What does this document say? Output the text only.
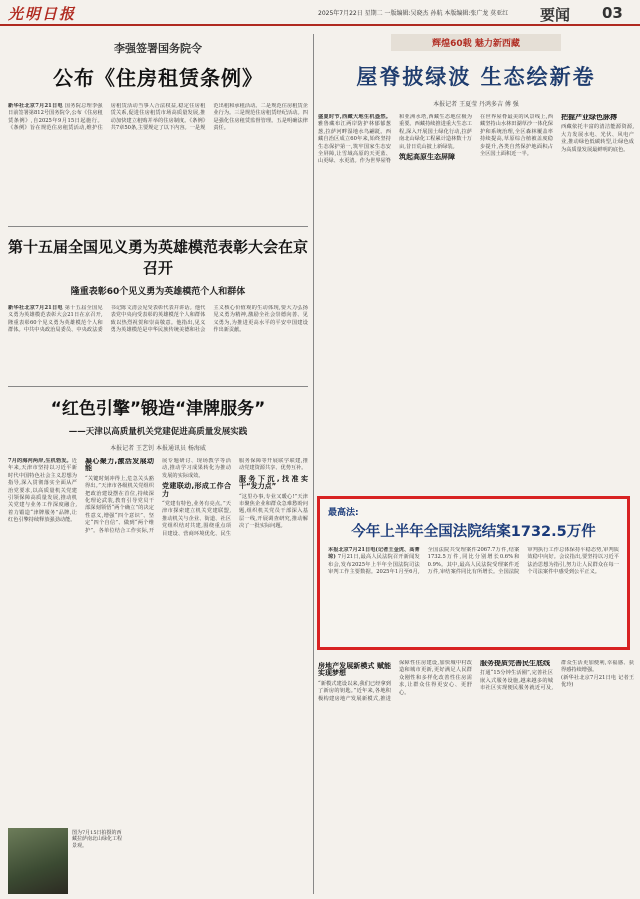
光明日报	2025年7月22日 星期二 一版编辑:吴晓杰 孙航 本版编辑:张广龙 莫亚红 要闻 03
李强签署国务院令
公布《住房租赁条例》
新华社北京7月21日电 国务院总理李强日前签署第812号国务院令,公布《住房租赁条例》,自2025年9月15日起施行。《条例》旨在规范住房租赁活动,维护住房租赁活动当事人合法权益,稳定住房租赁关系,促进住房租赁市场高质量发展,推动加快建立租购并举的住房制度。《条例》共7章50条,主要规定了以下内容。一是规范出租和承租活动。二是规范住房租赁企业行为。三是规范住房租赁经纪活动。四是强化住房租赁监督管理。五是明确法律责任。
第十五届全国见义勇为英雄模范表彰大会在京召开
隆重表彰60个见义勇为英雄模范个人和群体
新华社北京7月21日电 第十五届全国见义勇为英雄模范表彰大会21日在京召开,隆重表彰60个见义勇为英雄模范个人和群体。中共中央政治局委员、中央政法委书记陈文清会见受表彰代表并讲话。他代表党中央向受表彰的英雄模范个人和群体致以热烈祝贺和崇高敬意。他指出,见义勇为英雄模范是中华民族传统美德和社会主义核心价值观的生动体现,要大力弘扬见义勇为精神,激励全社会崇德向善、见义勇为,为推进更高水平的平安中国建设作出新贡献。
“红色引擎”锻造“津牌服务”
——天津以高质量机关党建促进高质量发展实践
本报记者 王艺钊 本报通讯员 杨海威

7月的海河两岸,生机勃发。近年来,天津市坚持以习近平新时代中国特色社会主义思想为指导,深入贯彻落实全面从严治党要求,以高质量机关党建引领保障高质量发展,推动机关党建与业务工作深度融合,着力锻造“津牌服务”品牌,让红色引擎持续释放强劲动能。

凝心聚力,激活发展动能

“关键时刻冲得上,危急关头豁得出。”天津市各级机关党组织把政治建设摆在首位,持续深化理论武装,教育引导党员干部深刻领悟“两个确立”的决定性意义,增强“四个意识”、坚定“四个自信”、做到“两个维护”。各单位结合工作实际,开展专题研讨、现场教学等活动,推动学习成果转化为推动发展的实际成效。

党建联动,形成工作合力

“党建有特色,业务有亮点。”天津市探索建立机关党建联盟,推动机关与企业、街道、社区党组织结对共建,围绕重点项目建设、营商环境优化、民生服务保障等开展联学联建,推动党建资源共享、优势互补。

服务下沉,找准实干“发力点”

“这里办事,专业又暖心!”天津市聚焦企业和群众急难愁盼问题,组织机关党员干部深入基层一线,开展调查研究,推动解决了一批实际问题。

图为7月15日拍摄的西藏拉萨南北山绿化工程景观。
辉煌60载 魅力新西藏
屋脊披绿波 生态绘新卷
本报记者 王夏莹 丹鸿多吉 傅 强

盛夏时节,西藏大地生机盎然。雅鲁藏布江两岸防护林郁郁葱葱,拉萨河畔湿地水鸟翩跹。西藏自治区成立60年来,始终坚持生态保护第一,筑牢国家生态安全屏障,让雪域高原的天更蓝、山更绿、水更清。作为世界屋脊和亚洲水塔,西藏生态地位极为重要。西藏持续推进重大生态工程,深入开展国土绿化行动,拉萨南北山绿化工程累计造林数十万亩,昔日荒山披上新绿装。

筑起高原生态屏障

在世界屋脊最美的风景线上,西藏坚持山水林田湖草沙一体化保护和系统治理,全区森林覆盖率持续提高,草原综合植被盖度稳步提升,各类自然保护地面积占全区国土面积近一半。

把握产业绿色脉搏

西藏依托丰富的清洁能源资源,大力发展水电、光伏、风电产业,推动绿色低碳转型,让绿色成为高质量发展最鲜明的底色。

最高法:
今年上半年全国法院结案1732.5万件
本报北京7月21日电(记者王金虎、高菁琼) 7月21日,最高人民法院召开新闻发布会,发布2025年上半年全国法院司法审判工作主要数据。2025年1月至6月,全国法院共受理案件2067.7万件,结案1732.5万件,同比分别增长0.6%和0.9%。其中,最高人民法院受理案件近万件,审结案件同比有所增长。全国法院审判执行工作总体保持平稳态势,审判质效稳中向好。会议指出,要坚持以习近平法治思想为指引,努力让人民群众在每一个司法案件中感受到公平正义。
房地产发展新模式 赋能实现梦想

“新模式建设以来,我们已经拿到了新房的钥匙。”近年来,各地积极构建房地产发展新模式,推进保障性住房建设,加快城中村改造和城市更新,更好满足人民群众刚性和多样化改善性住房需求,让群众住得更安心、更舒心。

服务提质完善民生底线

打通“15分钟生活圈”,完善社区嵌入式服务设施,越来越多的城市社区实现便民服务就近可及,群众生活更加便利,幸福感、获得感持续增强。

(新华社北京7月21日电 记者王优玲)
